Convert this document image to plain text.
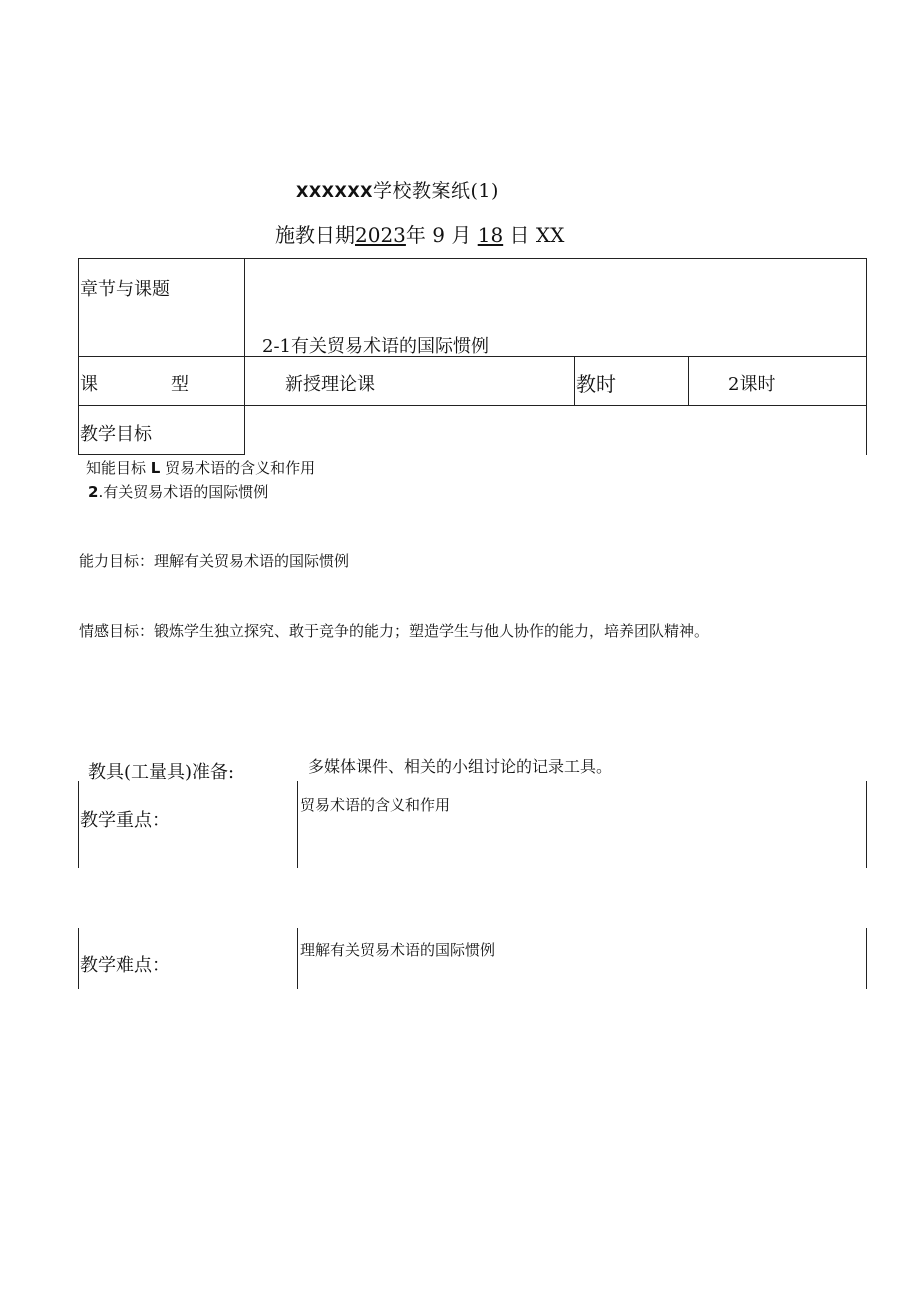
XXXXXX学校教案纸(1)
施教日期2023年 9 月 18 日 XX
章节与课题
2-1有关贸易术语的国际惯例
课	型	新授理论课	教时	2课时
教学目标
知能目标 L 贸易术语的含义和作用
2.有关贸易术语的国际惯例
能力目标：理解有关贸易术语的国际惯例
情感目标：锻炼学生独立探究、敢于竞争的能力；塑造学生与他人协作的能力，培养团队精神。
教具(工量具)准备:	多媒体课件、相关的小组讨论的记录工具。
教学重点：
贸易术语的含义和作用
教学难点：
理解有关贸易术语的国际惯例
